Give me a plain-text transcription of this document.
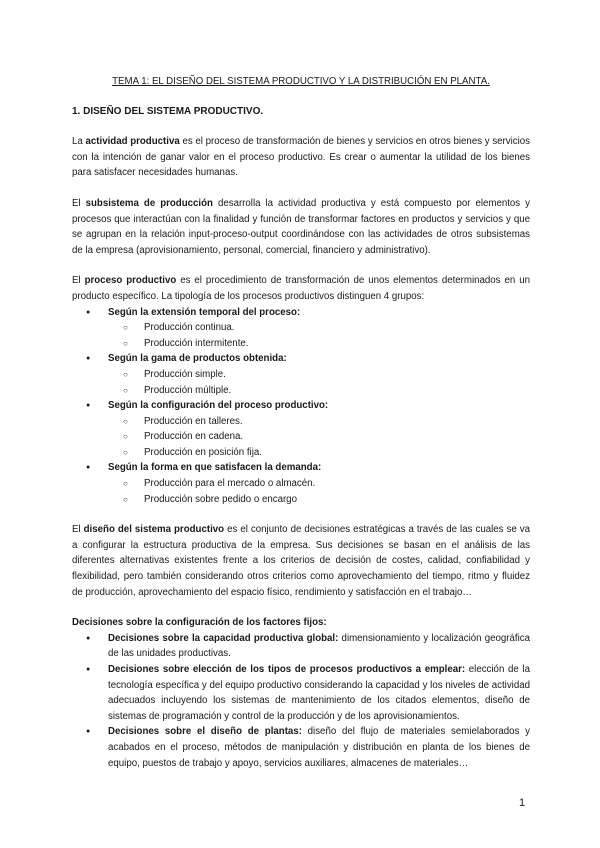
TEMA 1: EL DISEÑO DEL SISTEMA PRODUCTIVO Y LA DISTRIBUCIÓN EN PLANTA.
1. DISEÑO DEL SISTEMA PRODUCTIVO.

La actividad productiva es el proceso de transformación de bienes y servicios en otros bienes y servicios con la intención de ganar valor en el proceso productivo. Es crear o aumentar la utilidad de los bienes para satisfacer necesidades humanas.

El subsistema de producción desarrolla la actividad productiva y está compuesto por elementos y procesos que interactúan con la finalidad y función de transformar factores en productos y servicios y que se agrupan en la relación input-proceso-output coordinándose con las actividades de otros subsistemas de la empresa (aprovisionamiento, personal, comercial, financiero y administrativo).

El proceso productivo es el procedimiento de transformación de unos elementos determinados en un producto específico. La tipología de los procesos productivos distinguen 4 grupos:

● Según la extensión temporal del proceso:
○ Producción continua.
○ Producción intermitente.
● Según la gama de productos obtenida:
○ Producción simple.
○ Producción múltiple.
● Según la configuración del proceso productivo:
○ Producción en talleres.
○ Producción en cadena.
○ Producción en posición fija.
● Según la forma en que satisfacen la demanda:
○ Producción para el mercado o almacén.
○ Producción sobre pedido o encargo

El diseño del sistema productivo es el conjunto de decisiones estratégicas a través de las cuales se va a configurar la estructura productiva de la empresa. Sus decisiones se basan en el análisis de las diferentes alternativas existentes frente a los criterios de decisión de costes, calidad, confiabilidad y flexibilidad, pero también considerando otros criterios como aprovechamiento del tiempo, ritmo y fluidez de producción, aprovechamiento del espacio físico, rendimiento y satisfacción en el trabajo…

Decisiones sobre la configuración de los factores fijos:
● Decisiones sobre la capacidad productiva global: dimensionamiento y localización geográfica de las unidades productivas.
● Decisiones sobre elección de los tipos de procesos productivos a emplear: elección de la tecnología específica y del equipo productivo considerando la capacidad y los niveles de actividad adecuados incluyendo los sistemas de mantenimiento de los citados elementos, diseño de sistemas de programación y control de la producción y de los aprovisionamientos.
● Decisiones sobre el diseño de plantas: diseño del flujo de materiales semielaborados y acabados en el proceso, métodos de manipulación y distribución en planta de los bienes de equipo, puestos de trabajo y apoyo, servicios auxiliares, almacenes de materiales…
1
